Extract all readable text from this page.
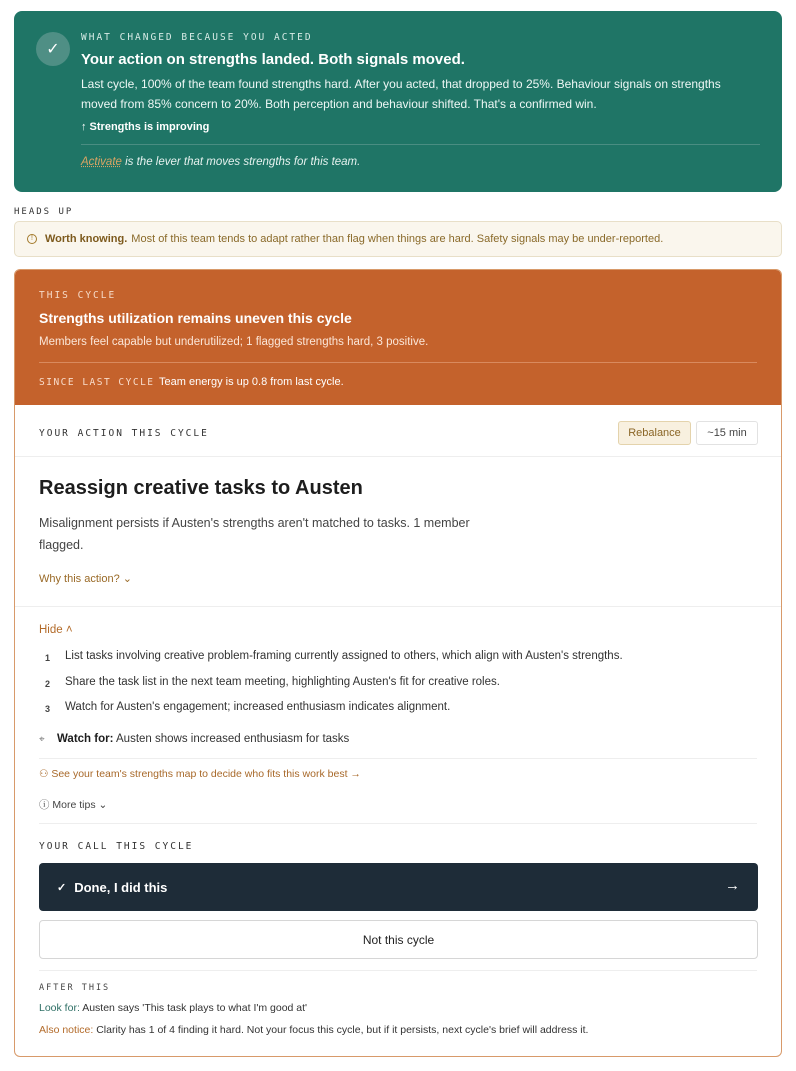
✓
WHAT CHANGED BECAUSE YOU ACTED
Your action on strengths landed. Both signals moved.
Last cycle, 100% of the team found strengths hard. After you acted, that dropped to 25%. Behaviour signals on strengths moved from 85% concern to 20%. Both perception and behaviour shifted. That's a confirmed win.
↑ Strengths is improving
Activate is the lever that moves strengths for this team.
HEADS UP
!	Worth knowing. Most of this team tends to adapt rather than flag when things are hard. Safety signals may be under-reported.
THIS CYCLE
Strengths utilization remains uneven this cycle
Members feel capable but underutilized; 1 flagged strengths hard, 3 positive.
SINCE LAST CYCLE Team energy is up 0.8 from last cycle.
YOUR ACTION THIS CYCLE	Rebalance	~15 min
Reassign creative tasks to Austen
Misalignment persists if Austen's strengths aren't matched to tasks. 1 member flagged.
Why this action? ⌄
Hide ˄
1 List tasks involving creative problem-framing currently assigned to others, which align with Austen's strengths.
2 Share the task list in the next team meeting, highlighting Austen's fit for creative roles.
3 Watch for Austen's engagement; increased enthusiasm indicates alignment.
⌖ Watch for: Austen shows increased enthusiasm for tasks
⚇ See your team's strengths map to decide who fits this work best →
ⓘ More tips ⌄
YOUR CALL THIS CYCLE
✓ Done, I did this	→
Not this cycle
AFTER THIS
Look for: Austen says 'This task plays to what I'm good at'
Also notice: Clarity has 1 of 4 finding it hard. Not your focus this cycle, but if it persists, next cycle's brief will address it.
